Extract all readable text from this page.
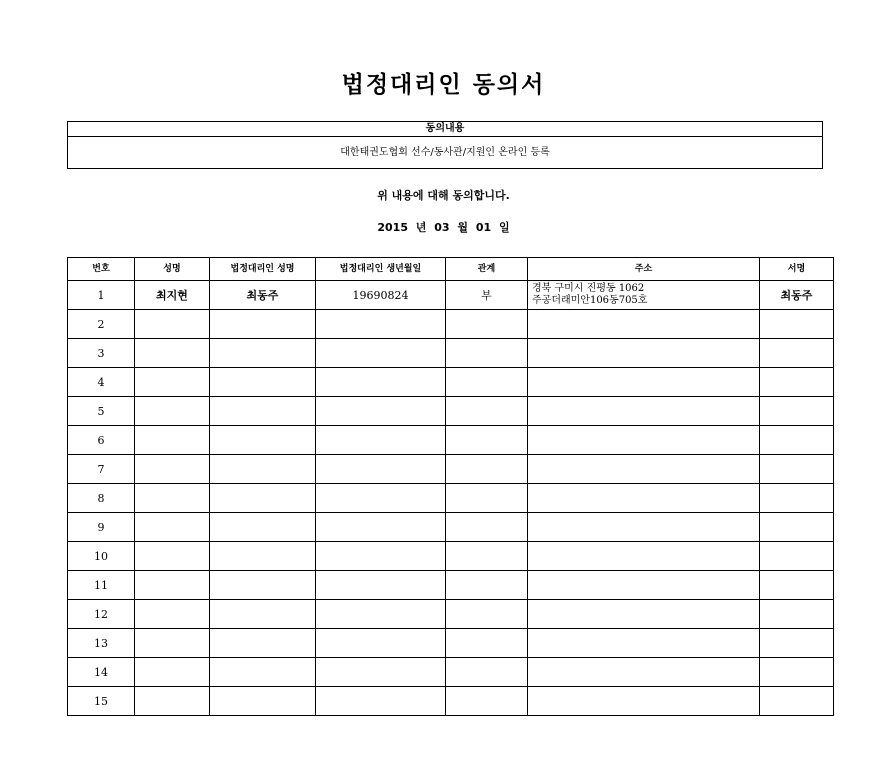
법정대리인 동의서
동의내용
대한태권도협회 선수/동사관/지원인 온라인 등록
위 내용에 대해 동의합니다.
2015 년 03 월 01 일
번호	성명	법정대리인 성명	법정대리인 생년월일	관계	주소	서명
1	최지현	최동주	19690824	부	경북 구미시 진평동 1062
주공더래미안106동705호	최동주
2					

3					

4					

5					

6					

7					

8					

9					

10					

11					

12					

13					

14					

15					
